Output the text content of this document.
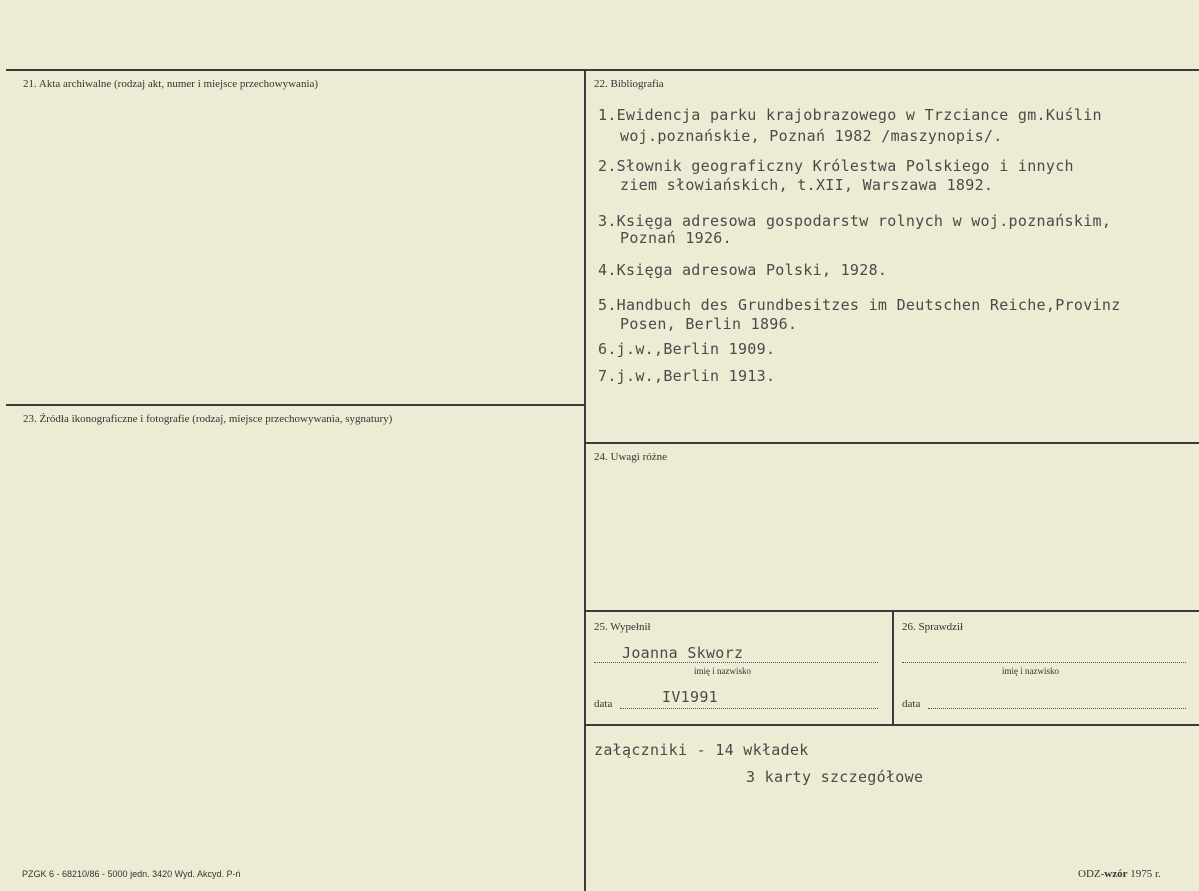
21. Akta archiwalne (rodzaj akt, numer i miejsce przechowywania)	22. Bibliografia
1.Ewidencja parku krajobrazowego w Trzciance gm.Kuślin
woj.poznańskie, Poznań 1982 /maszynopis/.
2.Słownik geograficzny Królestwa Polskiego i innych
ziem słowiańskich, t.XII, Warszawa 1892.
3.Księga adresowa gospodarstw rolnych w woj.poznańskim,
Poznań 1926.
4.Księga adresowa Polski, 1928.
5.Handbuch des Grundbesitzes im Deutschen Reiche,Provinz
Posen, Berlin 1896.
6.j.w.,Berlin 1909.
7.j.w.,Berlin 1913.
23. Źródła ikonograficzne i fotografie (rodzaj, miejsce przechowywania, sygnatury)
24. Uwagi różne
25. Wypełnił
Joanna Skworz
imię i nazwisko
data	IV1991
26. Sprawdził
imię i nazwisko
data
załączniki - 14 wkładek
3 karty szczegółowe
PZGK 6 - 68210/86 - 5000 jedn. 3420 Wyd. Akcyd. P-ń	ODZ-wzór 1975 r.
